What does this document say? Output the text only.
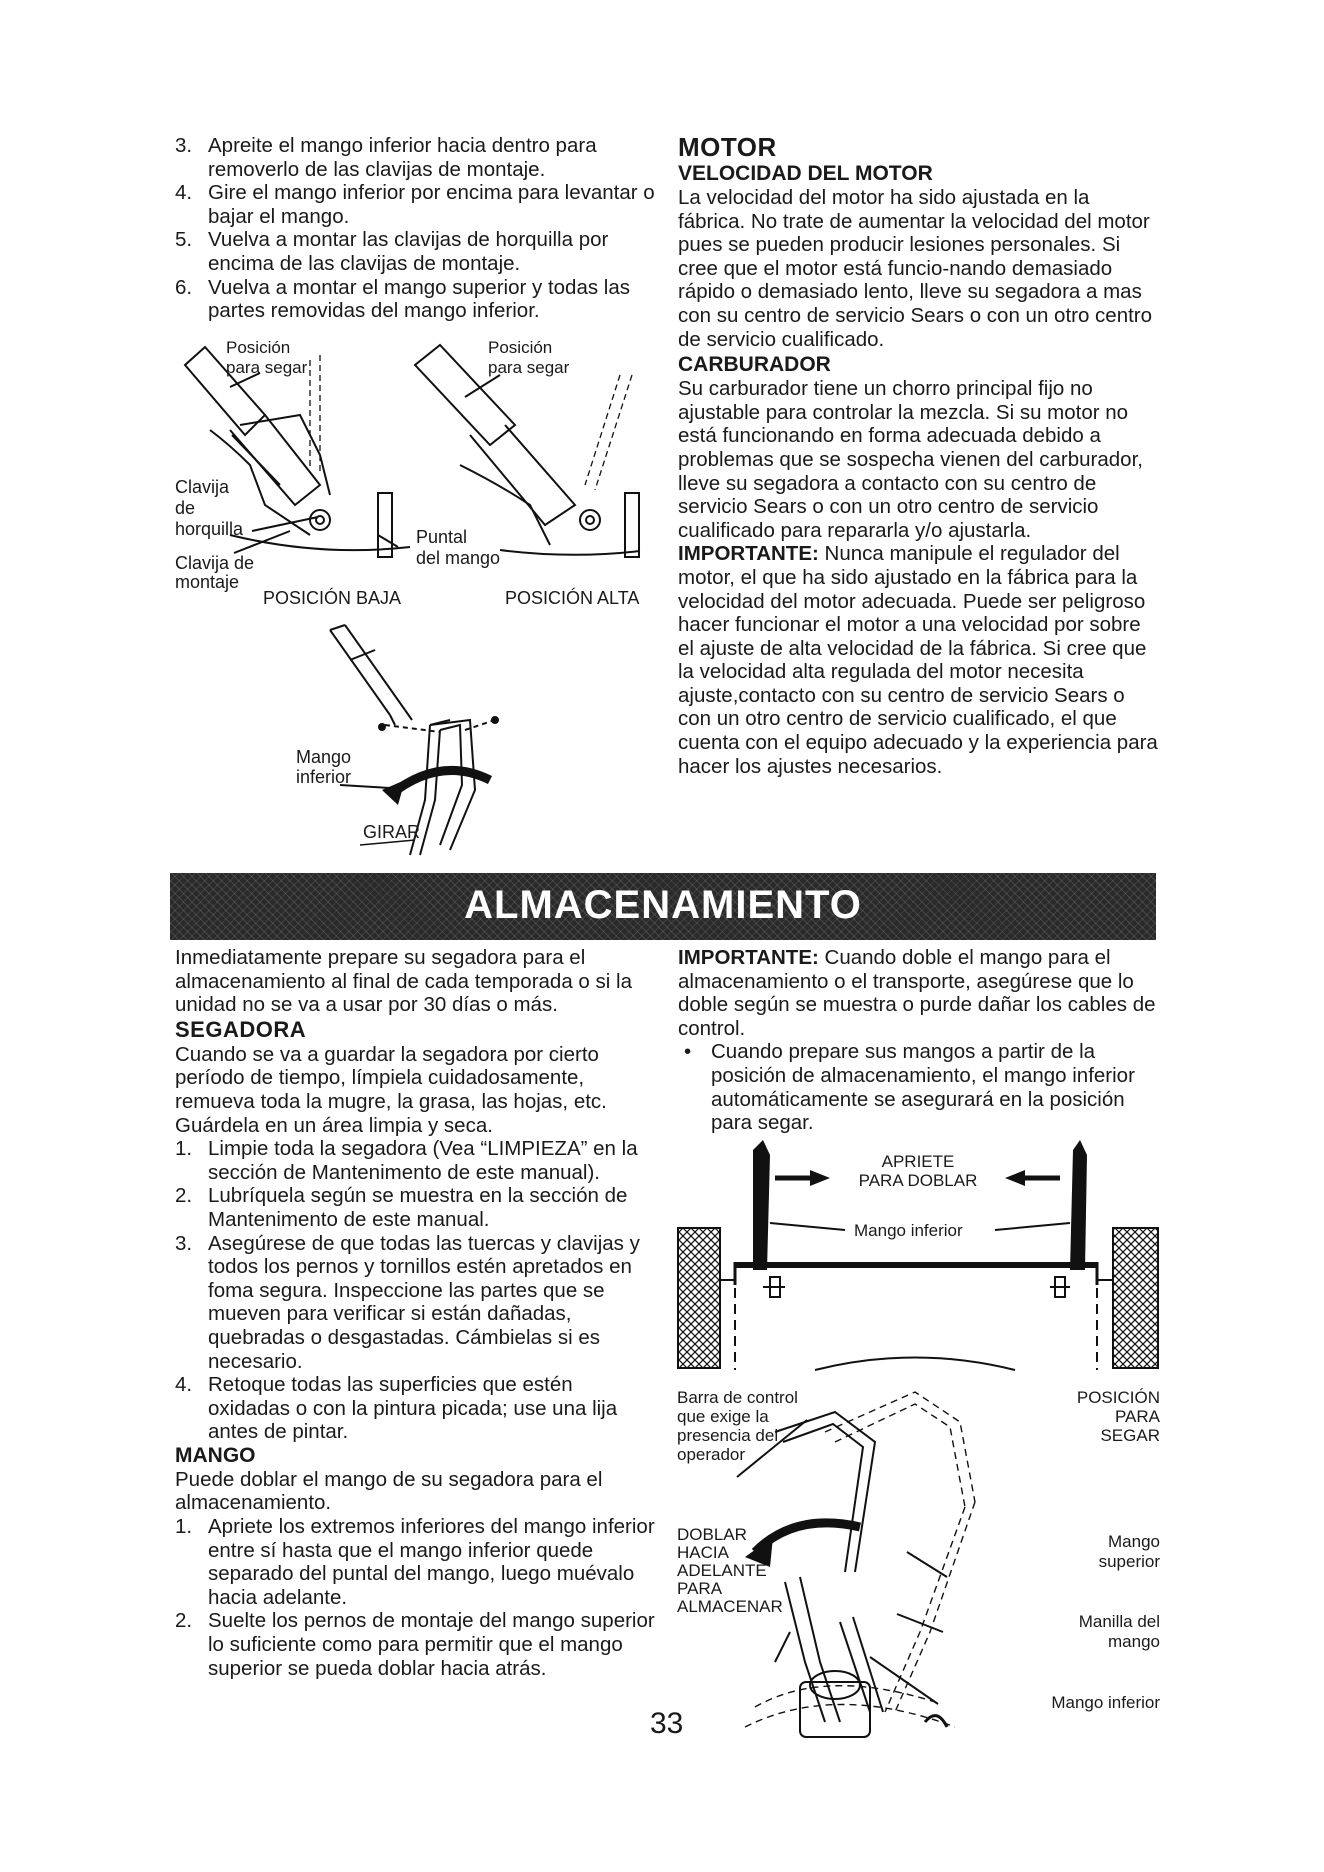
3. Apreite el mango inferior hacia dentro para removerlo de las clavijas de montaje.
4. Gire el mango inferior por encima para levantar o bajar el mango.
5. Vuelva a montar las clavijas de horquilla por encima de las clavijas de montaje.
6. Vuelva a montar el mango superior y todas las partes removidas del mango inferior.
Posición
para segar
Posición
para segar
Clavija
de
horquilla
Clavija de
montaje
Puntal
del mango
POSICIÓN BAJA	POSICIÓN ALTA
Mango
inferior
GIRAR
MOTOR
VELOCIDAD DEL MOTOR

La velocidad del motor ha sido ajustada en la fábrica. No trate de aumentar la velocidad del motor pues se pueden producir lesiones personales. Si cree que el motor está funcio-nando demasiado rápido o demasiado lento, lleve su segadora a mas con su centro de servicio Sears o con un otro centro de servicio cualificado.

CARBURADOR

Su carburador tiene un chorro principal fijo no ajustable para controlar la mezcla. Si su motor no está funcionando en forma adecuada debido a problemas que se sospecha vienen del carburador, lleve su segadora a contacto con su centro de servicio Sears o con un otro centro de servicio cualificado para repararla y/o ajustarla.

IMPORTANTE: Nunca manipule el regulador del motor, el que ha sido ajustado en la fábrica para la velocidad del motor adecuada. Puede ser peligroso hacer funcionar el motor a una velocidad por sobre el ajuste de alta velocidad de la fábrica. Si cree que la velocidad alta regulada del motor necesita ajuste,contacto con su centro de servicio Sears o con un otro centro de servicio cualificado, el que cuenta con el equipo adecuado y la experiencia para hacer los ajustes necesarios.

ALMACENAMIENTO

Inmediatamente prepare su segadora para el almacenamiento al final de cada temporada o si la unidad no se va a usar por 30 días o más.

SEGADORA

Cuando se va a guardar la segadora por cierto período de tiempo, límpiela cuidadosamente, remueva toda la mugre, la grasa, las hojas, etc. Guárdela en un área limpia y seca.

1. Limpie toda la segadora (Vea “LIMPIEZA” en la sección de Mantenimento de este manual).
2. Lubríquela según se muestra en la sección de Mantenimento de este manual.
3. Asegúrese de que todas las tuercas y clavijas y todos los pernos y tornillos estén apretados en foma segura. Inspeccione las partes que se mueven para verificar si están dañadas, quebradas o desgastadas. Cámbielas si es necesario.
4. Retoque todas las superficies que estén oxidadas o con la pintura picada; use una lija antes de pintar.
MANGO

Puede doblar el mango de su segadora para el almacenamiento.

1. Apriete los extremos inferiores del mango inferior entre sí hasta que el mango inferior quede separado del puntal del mango, luego muévalo hacia adelante.
2. Suelte los pernos de montaje del mango superior lo suficiente como para permitir que el mango superior se pueda doblar hacia atrás.

IMPORTANTE: Cuando doble el mango para el almacenamiento o el transporte, asegúrese que lo doble según se muestra o purde dañar los cables de control.

• Cuando prepare sus mangos a partir de la posición de almacenamiento, el mango inferior automáticamente se asegurará en la posición para segar.
APRIETE
PARA DOBLAR
Mango inferior
Barra de control
que exige la
presencia del
operador
POSICIÓN
PARA
SEGAR
DOBLAR
HACIA
ADELANTE
PARA
ALMACENAR
Mango
superior
Manilla del
mango
Mango inferior
33
